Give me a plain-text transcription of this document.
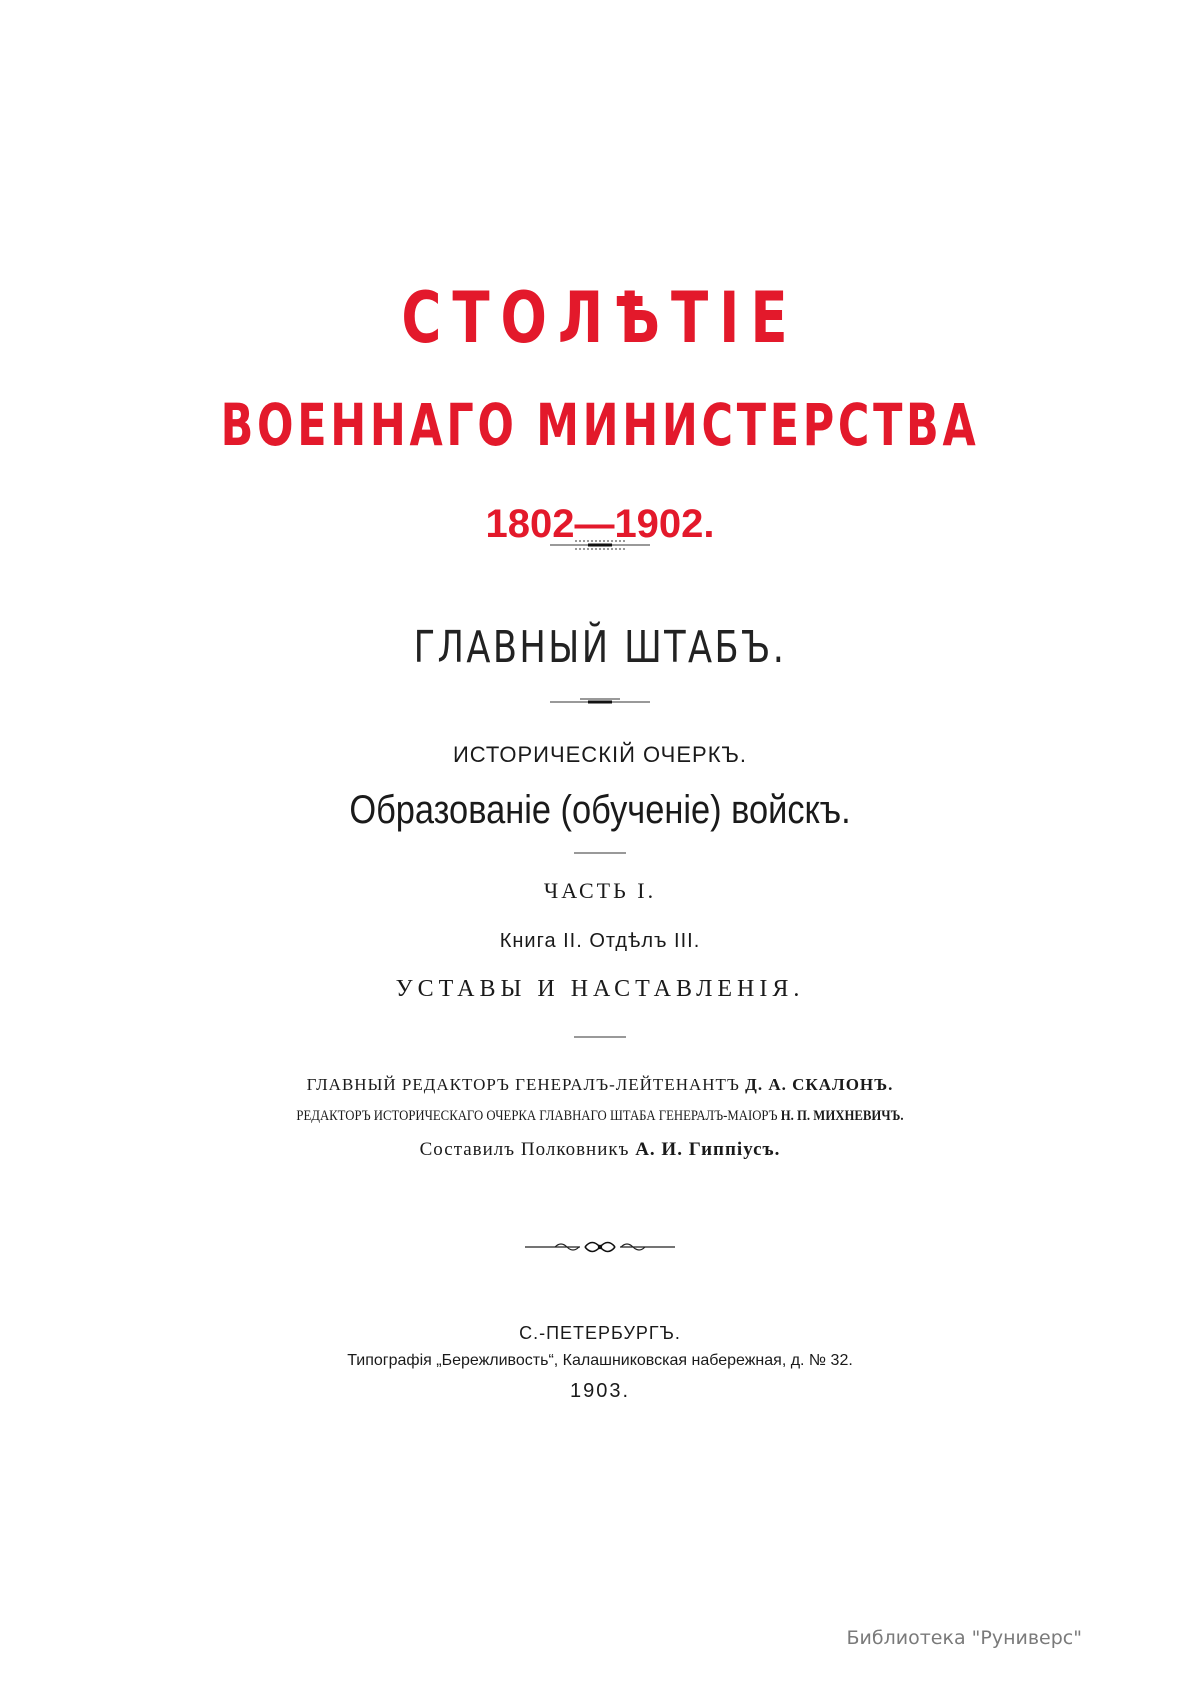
СТОЛѢТІЕ
ВОЕННАГО МИНИСТЕРСТВА
1802—1902.
ГЛАВНЫЙ ШТАБЪ.
ИСТОРИЧЕСКІЙ ОЧЕРКЪ.
Образованіе (обученіе) войскъ.
ЧАСТЬ I.
Книга II. Отдѣлъ III.
УСТАВЫ И НАСТАВЛЕНІЯ.
ГЛАВНЫЙ РЕДАКТОРЪ ГЕНЕРАЛЪ-ЛЕЙТЕНАНТЪ Д. А. СКАЛОНЪ.
РЕДАКТОРЪ ИСТОРИЧЕСКАГО ОЧЕРКА ГЛАВНАГО ШТАБА ГЕНЕРАЛЪ-МАІОРЪ Н. П. МИХНЕВИЧЪ.
Составилъ Полковникъ А. И. Гиппіусъ.
С.-ПЕТЕРБУРГЪ.
Типографія „Бережливость“, Калашниковская набережная, д. № 32.
1903.
Библиотека "Руниверс"
